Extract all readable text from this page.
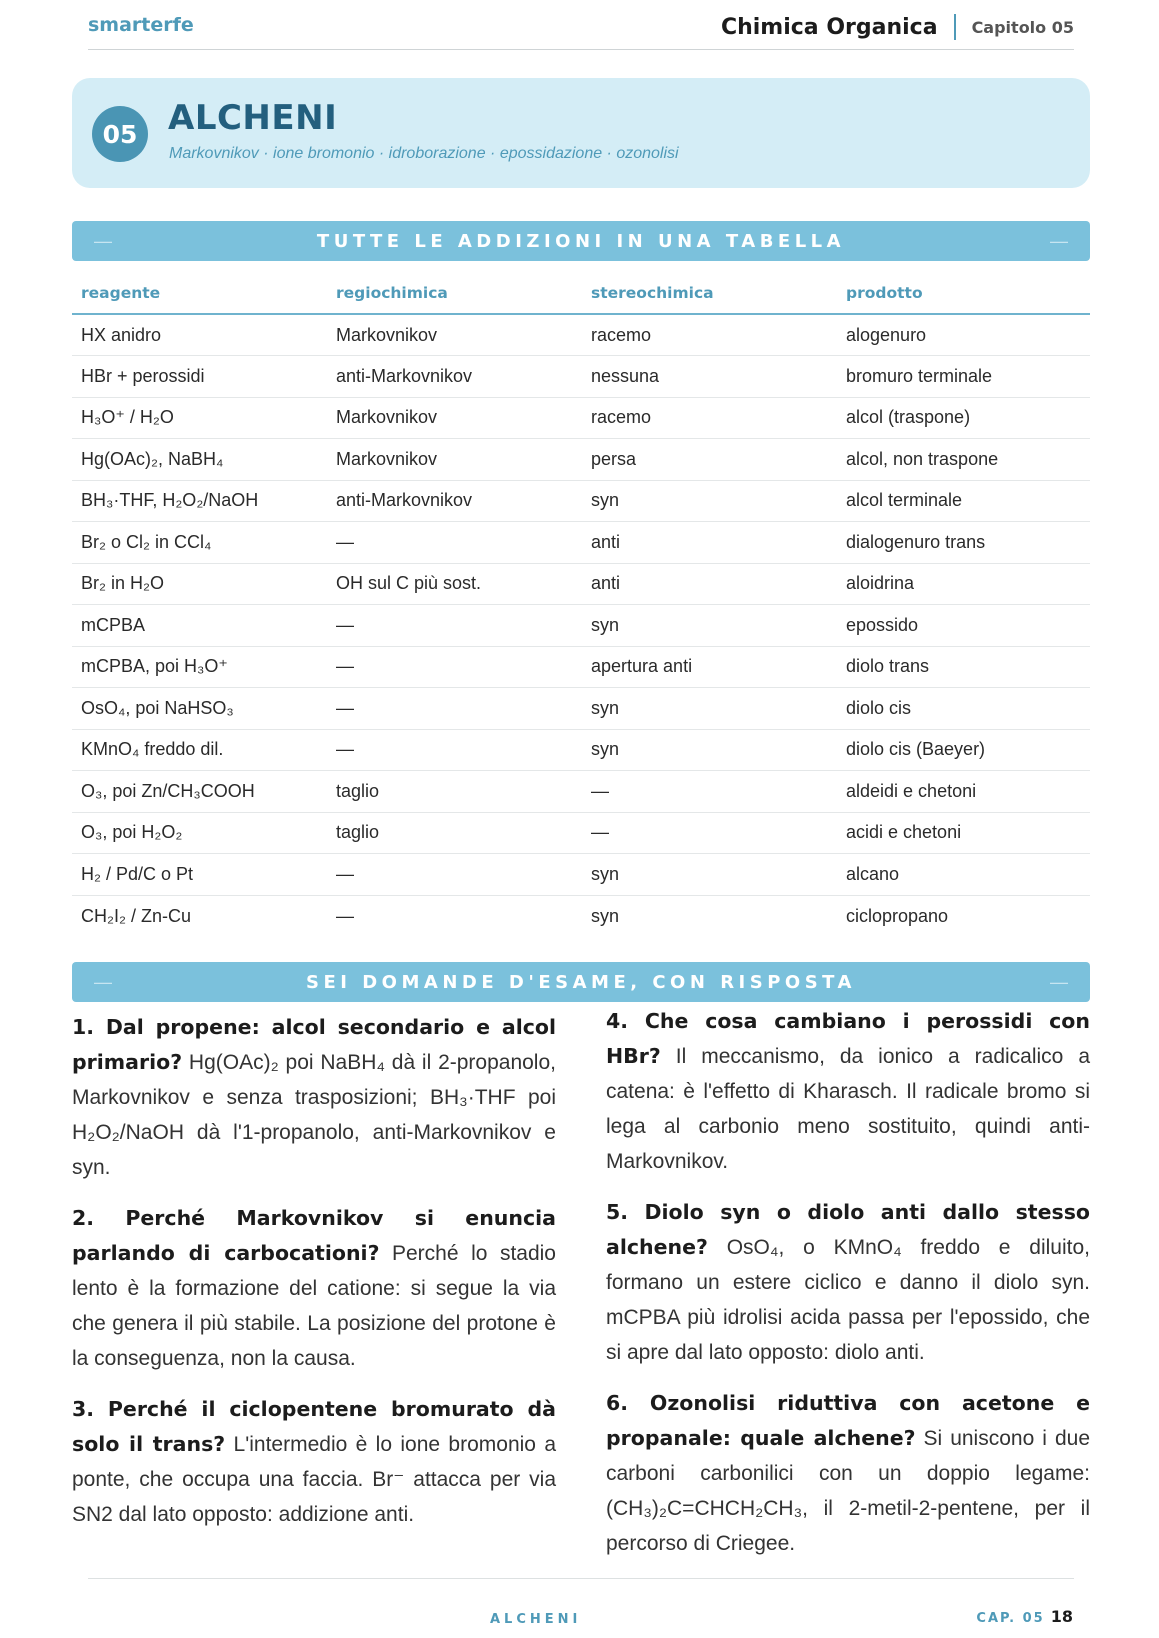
smarterfe	Chimica Organica Capitolo 05
05 ALCHENI
Markovnikov · ione bromonio · idroborazione · epossidazione · ozonolisi
—	TUTTE LE ADDIZIONI IN UNA TABELLA	—
reagente	regiochimica	stereochimica	prodotto
HX anidro	Markovnikov	racemo	alogenuro
HBr + perossidi	anti-Markovnikov	nessuna	bromuro terminale
H₃O⁺ / H₂O	Markovnikov	racemo	alcol (traspone)
Hg(OAc)₂, NaBH₄	Markovnikov	persa	alcol, non traspone
BH₃·THF, H₂O₂/NaOH	anti-Markovnikov	syn	alcol terminale
Br₂ o Cl₂ in CCl₄	—	anti	dialogenuro trans
Br₂ in H₂O	OH sul C più sost.	anti	aloidrina
mCPBA	—	syn	epossido
mCPBA, poi H₃O⁺	—	apertura anti	diolo trans
OsO₄, poi NaHSO₃	—	syn	diolo cis
KMnO₄ freddo dil.	—	syn	diolo cis (Baeyer)
O₃, poi Zn/CH₃COOH	taglio	—	aldeidi e chetoni
O₃, poi H₂O₂	taglio	—	acidi e chetoni
H₂ / Pd/C o Pt	—	syn	alcano
CH₂I₂ / Zn-Cu	—	syn	ciclopropano
—	SEI DOMANDE D'ESAME, CON RISPOSTA	—

1. Dal propene: alcol secondario e alcol primario? Hg(OAc)₂ poi NaBH₄ dà il 2-propanolo, Markovnikov e senza trasposizioni; BH₃·THF poi H₂O₂/NaOH dà l'1-propanolo, anti-Markovnikov e syn.

2. Perché Markovnikov si enuncia parlando di carbocationi? Perché lo stadio lento è la formazione del catione: si segue la via che genera il più stabile. La posizione del protone è la conseguenza, non la causa.

3. Perché il ciclopentene bromurato dà solo il trans? L'intermedio è lo ione bromonio a ponte, che occupa una faccia. Br⁻ attacca per via SN2 dal lato opposto: addizione anti.

4. Che cosa cambiano i perossidi con HBr? Il meccanismo, da ionico a radicalico a catena: è l'effetto di Kharasch. Il radicale bromo si lega al carbonio meno sostituito, quindi anti-Markovnikov.

5. Diolo syn o diolo anti dallo stesso alchene? OsO₄, o KMnO₄ freddo e diluito, formano un estere ciclico e danno il diolo syn. mCPBA più idrolisi acida passa per l'epossido, che si apre dal lato opposto: diolo anti.

6. Ozonolisi riduttiva con acetone e propanale: quale alchene? Si uniscono i due carboni carbonilici con un doppio legame: (CH₃)₂C=CHCH₂CH₃, il 2-metil-2-pentene, per il percorso di Criegee.

ALCHENI	CAP. 05 18
